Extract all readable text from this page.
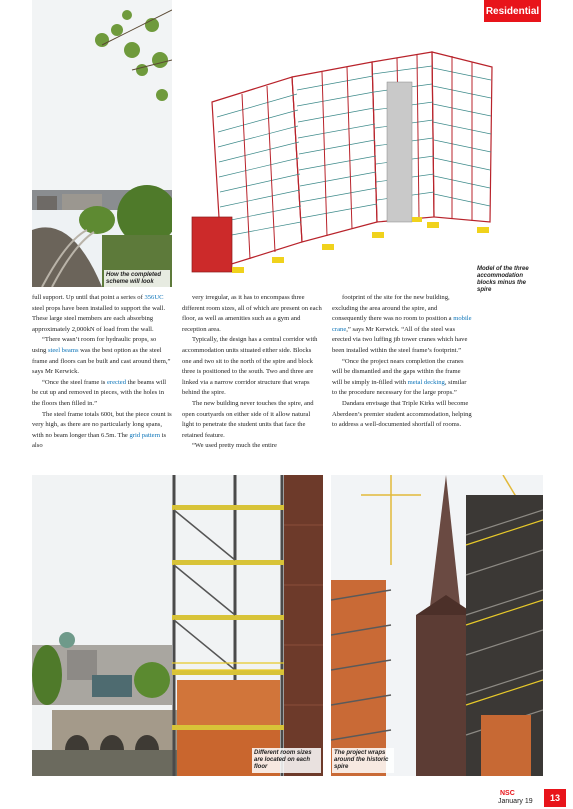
Residential
How the completed scheme will look
Model of the three accommodation blocks minus the spire

full support. Up until that point a series of 356UC steel props have been installed to support the wall. These large steel members are each absorbing approximately 2,000kN of load from the wall.

“There wasn’t room for hydraulic props, so using steel beams was the best option as the steel frame and floors can be built and cast around them,” says Mr Kerwick.

“Once the steel frame is erected the beams will be cut up and removed in pieces, with the holes in the floors then filled in.”

The steel frame totals 600t, but the piece count is very high, as there are no particularly long spans, with no beam longer than 6.5m. The grid pattern is also

very irregular, as it has to encompass three different room sizes, all of which are present on each floor, as well as amenities such as a gym and reception area.

Typically, the design has a central corridor with accommodation units situated either side. Blocks one and two sit to the north of the spire and block three is positioned to the south. Two and three are linked via a narrow corridor structure that wraps behind the spire.

The new building never touches the spire, and open courtyards on either side of it allow natural light to penetrate the student units that face the retained feature.

“We used pretty much the entire

footprint of the site for the new building, excluding the area around the spire, and consequently there was no room to position a mobile crane,” says Mr Kerwick. “All of the steel was erected via two luffing jib tower cranes which have been installed within the steel frame’s footprint.”

“Once the project nears completion the cranes will be dismantled and the gaps within the frame will be simply in-filled with metal decking, similar to the procedure necessary for the large props.”

Dandara envisage that Triple Kirks will become Aberdeen’s premier student accommodation, helping to address a well-documented shortfall of rooms.

Different room sizes are located on each floor
The project wraps around the historic spire
NSC
January 19 13
